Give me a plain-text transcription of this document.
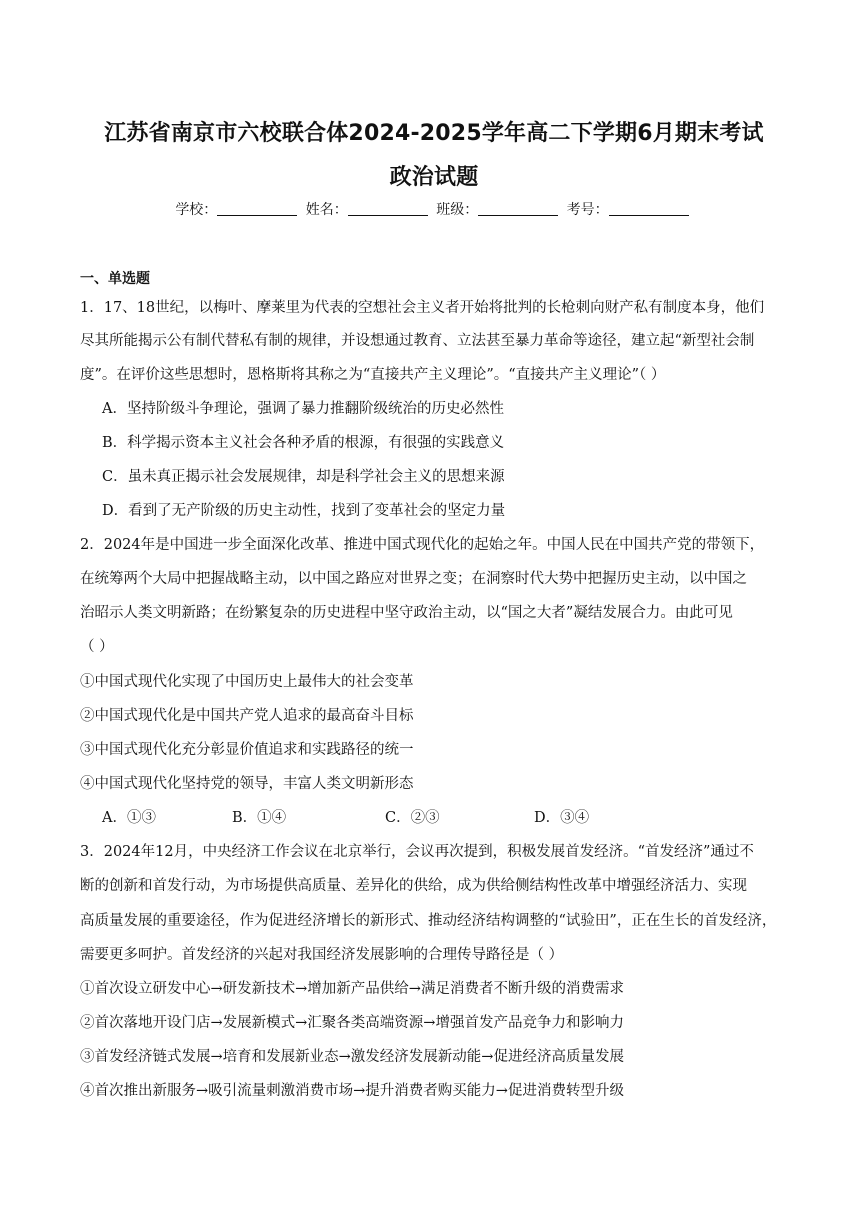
江苏省南京市六校联合体2024-2025学年高二下学期6月期末考试
政治试题
学校：	姓名：	班级：	考号：
一、单选题
1．17、18世纪，以梅叶、摩莱里为代表的空想社会主义者开始将批判的长枪刺向财产私有制度本身，他们
尽其所能揭示公有制代替私有制的规律，并设想通过教育、立法甚至暴力革命等途径，建立起“新型社会制
度”。在评价这些思想时，恩格斯将其称之为“直接共产主义理论”。“直接共产主义理论”（ ）
A．坚持阶级斗争理论，强调了暴力推翻阶级统治的历史必然性
B．科学揭示资本主义社会各种矛盾的根源，有很强的实践意义
C．虽未真正揭示社会发展规律，却是科学社会主义的思想来源
D．看到了无产阶级的历史主动性，找到了变革社会的坚定力量
2．2024年是中国进一步全面深化改革、推进中国式现代化的起始之年。中国人民在中国共产党的带领下，
在统筹两个大局中把握战略主动，以中国之路应对世界之变；在洞察时代大势中把握历史主动，以中国之
治昭示人类文明新路；在纷繁复杂的历史进程中坚守政治主动，以“国之大者”凝结发展合力。由此可见
（ ）
①中国式现代化实现了中国历史上最伟大的社会变革
②中国式现代化是中国共产党人追求的最高奋斗目标
③中国式现代化充分彰显价值追求和实践路径的统一
④中国式现代化坚持党的领导，丰富人类文明新形态
A．①③	B．①④	C．②③	D．③④
3．2024年12月，中央经济工作会议在北京举行，会议再次提到，积极发展首发经济。“首发经济”通过不
断的创新和首发行动，为市场提供高质量、差异化的供给，成为供给侧结构性改革中增强经济活力、实现
高质量发展的重要途径，作为促进经济增长的新形式、推动经济结构调整的“试验田”，正在生长的首发经济，
需要更多呵护。首发经济的兴起对我国经济发展影响的合理传导路径是（ ）
①首次设立研发中心→研发新技术→增加新产品供给→满足消费者不断升级的消费需求
②首次落地开设门店→发展新模式→汇聚各类高端资源→增强首发产品竞争力和影响力
③首发经济链式发展→培育和发展新业态→激发经济发展新动能→促进经济高质量发展
④首次推出新服务→吸引流量刺激消费市场→提升消费者购买能力→促进消费转型升级
